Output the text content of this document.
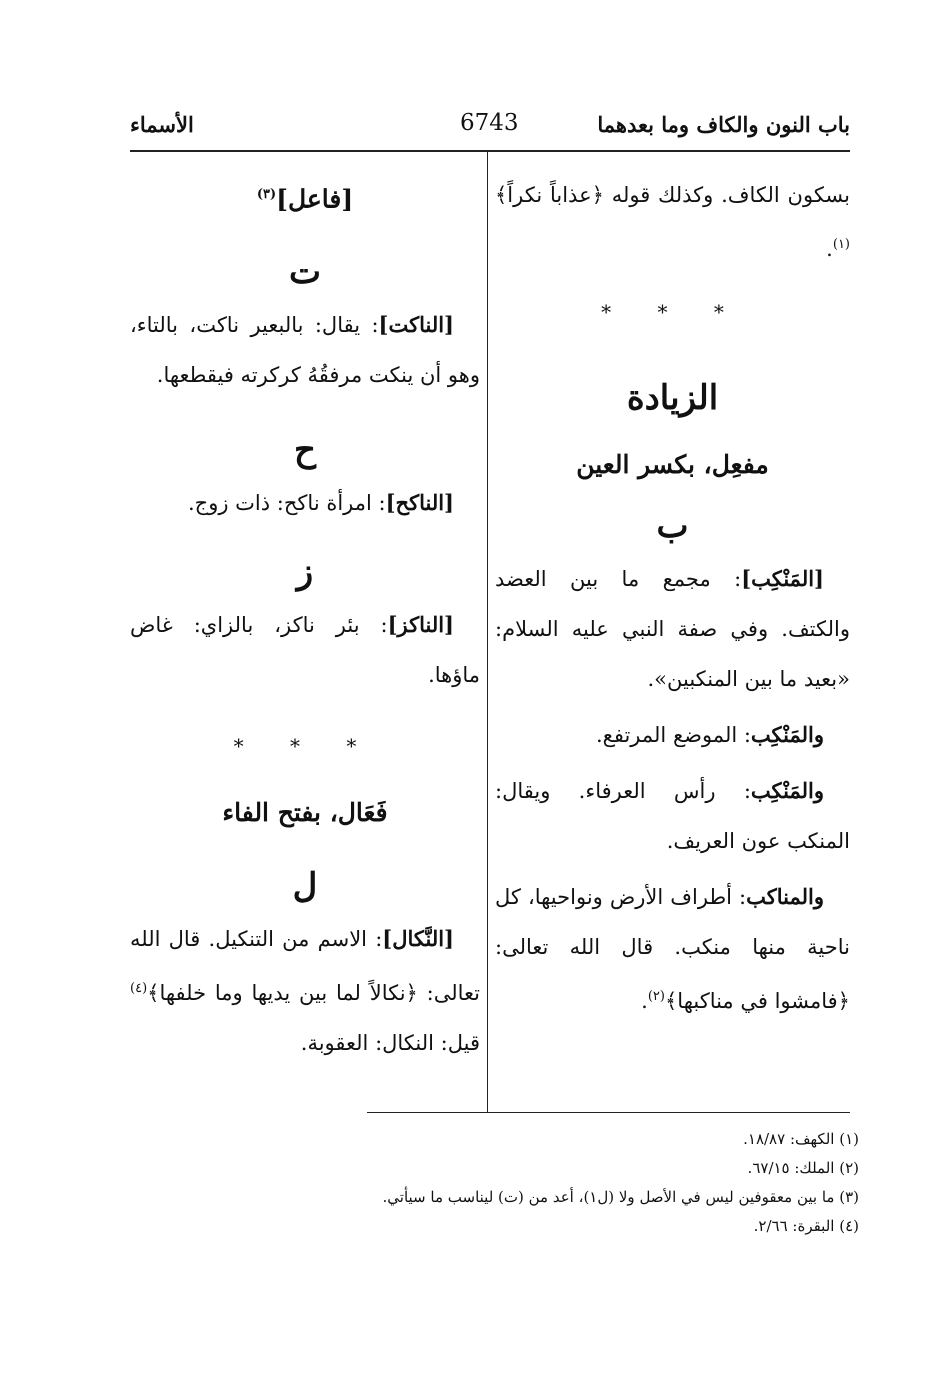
باب النون والكاف وما بعدهما
6743
الأسماء

بسكون الكاف. وكذلك قوله ﴿عذاباً نكراً﴾$^{(١)}$.

* * *
الزيادة
مفعِل، بكسر العين
ب

[المَنْكِب]: مجمع ما بين العضد والكتف. وفي صفة النبي عليه السلام: «بعيد ما بين المنكبين».

والمَنْكِب: الموضع المرتفع.

والمَنْكِب: رأس العرفاء. ويقال: المنكب عون العريف.

والمناكب: أطراف الأرض ونواحيها، كل ناحية منها منكب. قال الله تعالى: ﴿فامشوا في مناكبها﴾$^{(٢)}$.

[فاعل]$^{(٣)}$
ت

[الناكت]: يقال: بالبعير ناكت، بالتاء، وهو أن ينكت مرفقُهُ كركرته فيقطعها.

ح

[الناكح]: امرأة ناكح: ذات زوج.

ز

[الناكز]: بئر ناكز، بالزاي: غاض ماؤها.

* * *
فَعَال، بفتح الفاء
ل

[النَّكال]: الاسم من التنكيل. قال الله تعالى: ﴿نكالاً لما بين يديها وما خلفها﴾$^{(٤)}$ قيل: النكال: العقوبة.

(١) الكهف: ١٨/٨٧.
(٢) الملك: ٦٧/١٥.
(٣) ما بين معقوفين ليس في الأصل ولا (ل١)، أعد من (ت) ليناسب ما سيأتي.
(٤) البقرة: ٢/٦٦.
